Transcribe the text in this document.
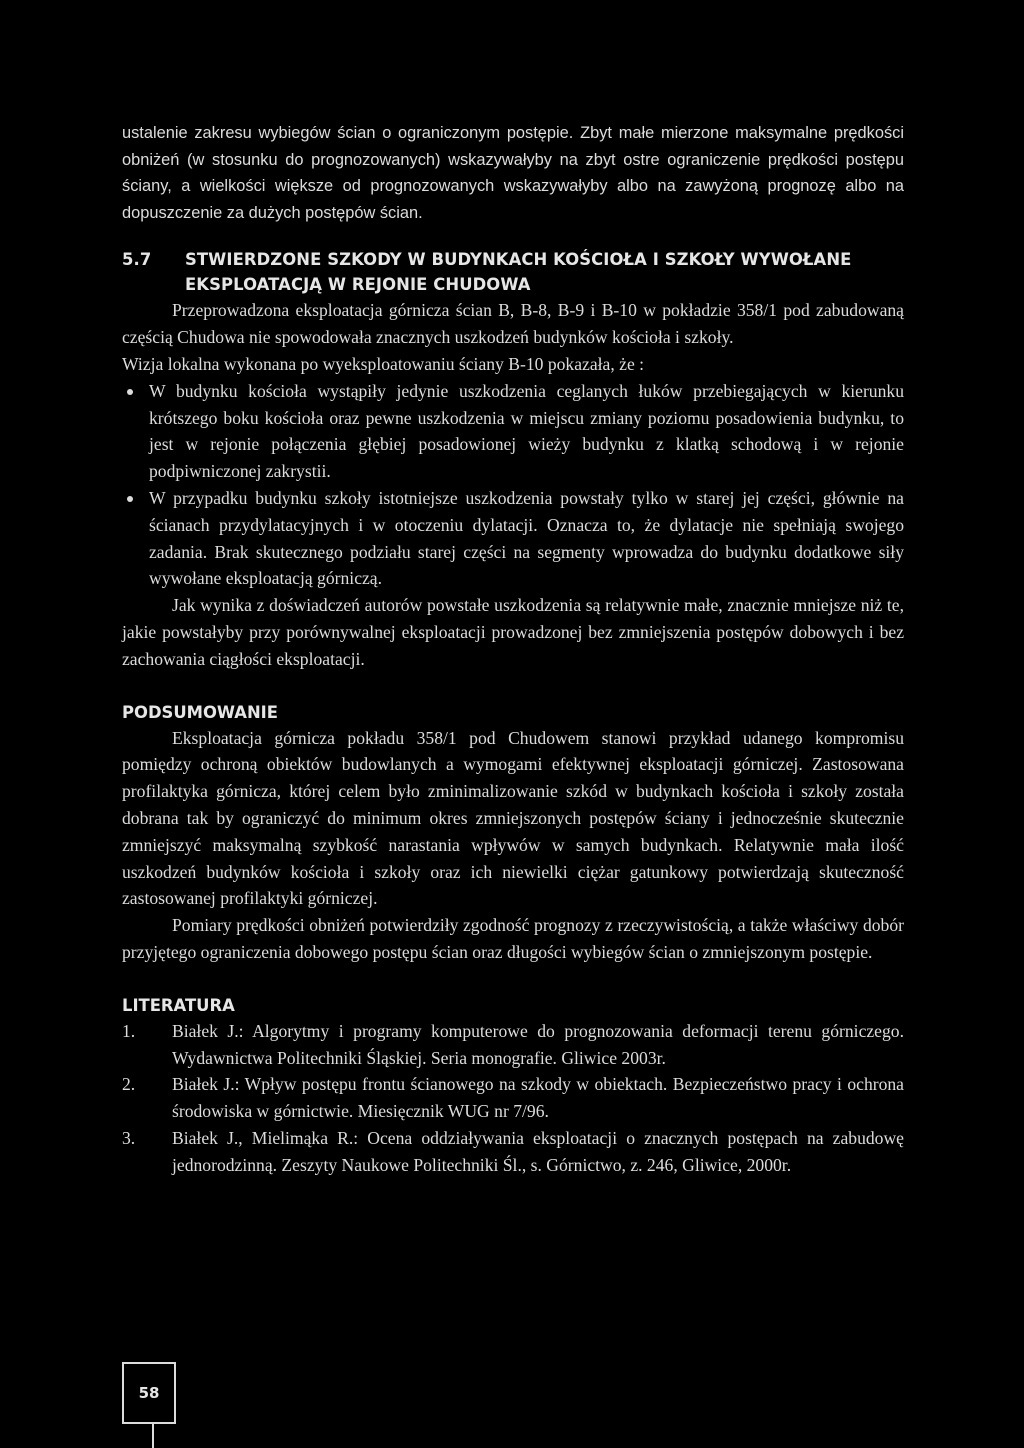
ustalenie zakresu wybiegów ścian o ograniczonym postępie. Zbyt małe mierzone maksymalne prędkości obniżeń (w stosunku do prognozowanych) wskazywałyby na zbyt ostre ograniczenie prędkości postępu ściany, a wielkości większe od prognozowanych wskazywałyby albo na zawyżoną prognozę albo na dopuszczenie za dużych postępów ścian.

5.7	STWIERDZONE SZKODY W BUDYNKACH KOŚCIOŁA I SZKOŁY WYWOŁANE EKSPLOATACJĄ W REJONIE CHUDOWA

Przeprowadzona eksploatacja górnicza ścian B, B-8, B-9 i B-10 w pokładzie 358/1 pod zabudowaną częścią Chudowa nie spowodowała znacznych uszkodzeń budynków kościoła i szkoły.

Wizja lokalna wykonana po wyeksploatowaniu ściany B-10 pokazała, że :

W budynku kościoła wystąpiły jedynie uszkodzenia ceglanych łuków przebiegających w kierunku krótszego boku kościoła oraz pewne uszkodzenia w miejscu zmiany poziomu posadowienia budynku, to jest w rejonie połączenia głębiej posadowionej wieży budynku z klatką schodową i w rejonie podpiwniczonej zakrystii.
W przypadku budynku szkoły istotniejsze uszkodzenia powstały tylko w starej jej części, głównie na ścianach przydylatacyjnych i w otoczeniu dylatacji. Oznacza to, że dylatacje nie spełniają swojego zadania. Brak skutecznego podziału starej części na segmenty wprowadza do budynku dodatkowe siły wywołane eksploatacją górniczą.

Jak wynika z doświadczeń autorów powstałe uszkodzenia są relatywnie małe, znacznie mniejsze niż te, jakie powstałyby przy porównywalnej eksploatacji prowadzonej bez zmniejszenia postępów dobowych i bez zachowania ciągłości eksploatacji.

PODSUMOWANIE

Eksploatacja górnicza pokładu 358/1 pod Chudowem stanowi przykład udanego kompromisu pomiędzy ochroną obiektów budowlanych a wymogami efektywnej eksploatacji górniczej. Zastosowana profilaktyka górnicza, której celem było zminimalizowanie szkód w budynkach kościoła i szkoły została dobrana tak by ograniczyć do minimum okres zmniejszonych postępów ściany i jednocześnie skutecznie zmniejszyć maksymalną szybkość narastania wpływów w samych budynkach. Relatywnie mała ilość uszkodzeń budynków kościoła i szkoły oraz ich niewielki ciężar gatunkowy potwierdzają skuteczność zastosowanej profilaktyki górniczej.

Pomiary prędkości obniżeń potwierdziły zgodność prognozy z rzeczywistością, a także właściwy dobór przyjętego ograniczenia dobowego postępu ścian oraz długości wybiegów ścian o zmniejszonym postępie.

LITERATURA
1.	Białek J.: Algorytmy i programy komputerowe do prognozowania deformacji terenu górniczego. Wydawnictwa Politechniki Śląskiej. Seria monografie. Gliwice 2003r.
2.	Białek J.: Wpływ postępu frontu ścianowego na szkody w obiektach. Bezpieczeństwo pracy i ochrona środowiska w górnictwie. Miesięcznik WUG nr 7/96.
3.	Białek J., Mielimąka R.: Ocena oddziaływania eksploatacji o znacznych postępach na zabudowę jednorodzinną. Zeszyty Naukowe Politechniki Śl., s. Górnictwo, z. 246, Gliwice, 2000r.
58
